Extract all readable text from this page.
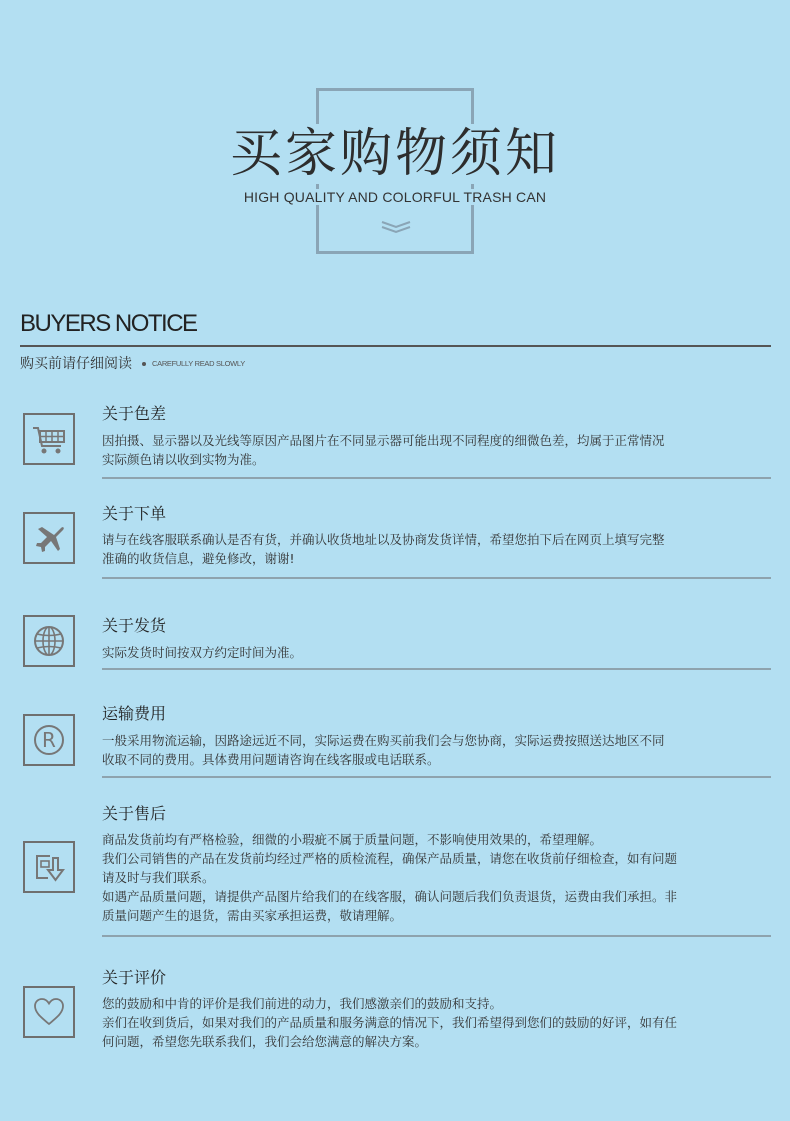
买家购物须知
HIGH QUALITY AND COLORFUL TRASH CAN
BUYERS NOTICE
购买前请仔细阅读	CAREFULLY READ SLOWLY
关于色差

因拍摄、显示器以及光线等原因产品图片在不同显示器可能出现不同程度的细微色差，均属于正常情况

实际颜色请以收到实物为准。

关于下单

请与在线客服联系确认是否有货，并确认收货地址以及协商发货详情，希望您拍下后在网页上填写完整

准确的收货信息，避免修改，谢谢!

关于发货

实际发货时间按双方约定时间为准。

R
运输费用

一般采用物流运输，因路途远近不同，实际运费在购买前我们会与您协商，实际运费按照送达地区不同

收取不同的费用。具体费用问题请咨询在线客服或电话联系。

关于售后

商品发货前均有严格检验，细微的小瑕疵不属于质量问题，不影响使用效果的，希望理解。

我们公司销售的产品在发货前均经过严格的质检流程，确保产品质量，请您在收货前仔细检查，如有问题

请及时与我们联系。

如遇产品质量问题，请提供产品图片给我们的在线客服，确认问题后我们负责退货，运费由我们承担。非

质量问题产生的退货，需由买家承担运费，敬请理解。

关于评价

您的鼓励和中肯的评价是我们前进的动力，我们感激亲们的鼓励和支持。

亲们在收到货后，如果对我们的产品质量和服务满意的情况下，我们希望得到您们的鼓励的好评，如有任

何问题，希望您先联系我们，我们会给您满意的解决方案。
